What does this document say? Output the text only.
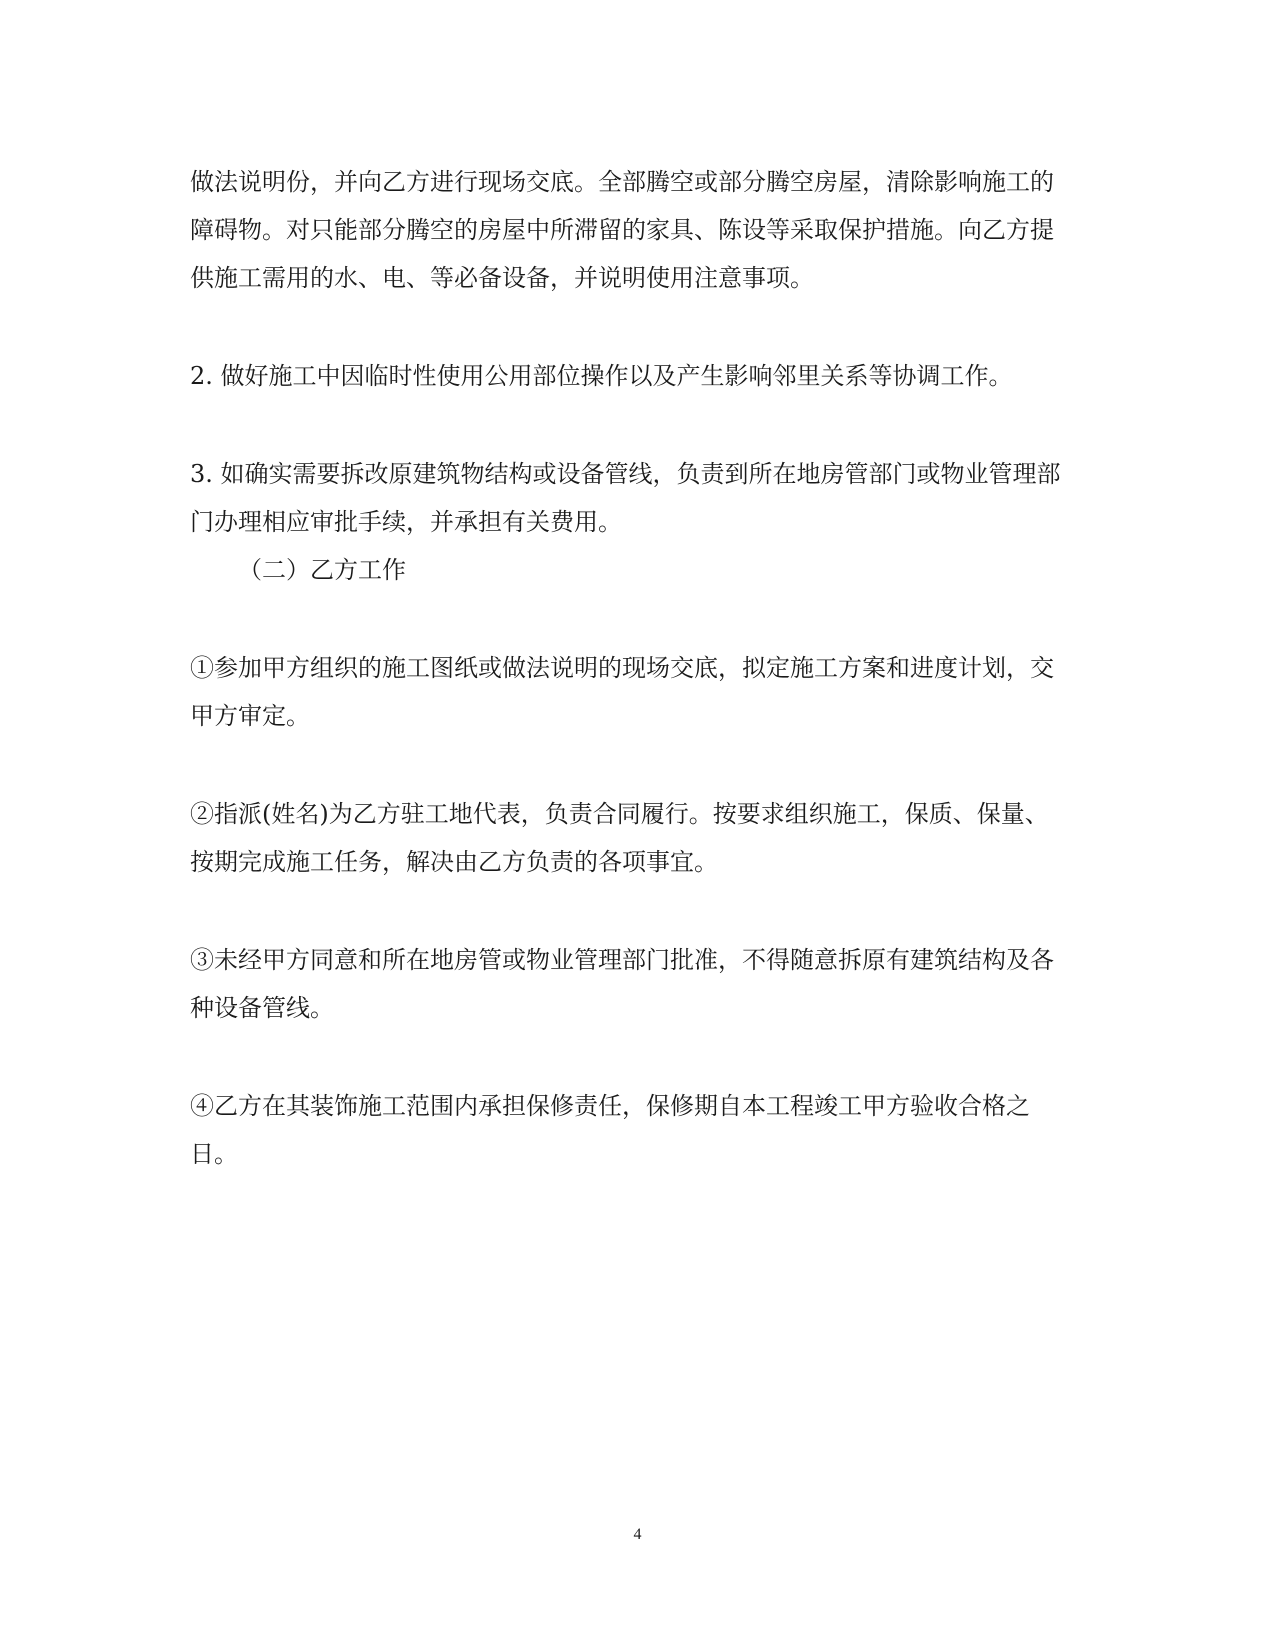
做法说明份，并向乙方进行现场交底。全部腾空或部分腾空房屋，清除影响施工的障碍物。对只能部分腾空的房屋中所滞留的家具、陈设等采取保护措施。向乙方提供施工需用的水、电、等必备设备，并说明使用注意事项。

2. 做好施工中因临时性使用公用部位操作以及产生影响邻里关系等协调工作。

3. 如确实需要拆改原建筑物结构或设备管线，负责到所在地房管部门或物业管理部门办理相应审批手续，并承担有关费用。

（二）乙方工作

①参加甲方组织的施工图纸或做法说明的现场交底，拟定施工方案和进度计划，交甲方审定。

②指派(姓名)为乙方驻工地代表，负责合同履行。按要求组织施工，保质、保量、按期完成施工任务，解决由乙方负责的各项事宜。

③未经甲方同意和所在地房管或物业管理部门批准，不得随意拆原有建筑结构及各种设备管线。

④乙方在其装饰施工范围内承担保修责任，保修期自本工程竣工甲方验收合格之日。

4
